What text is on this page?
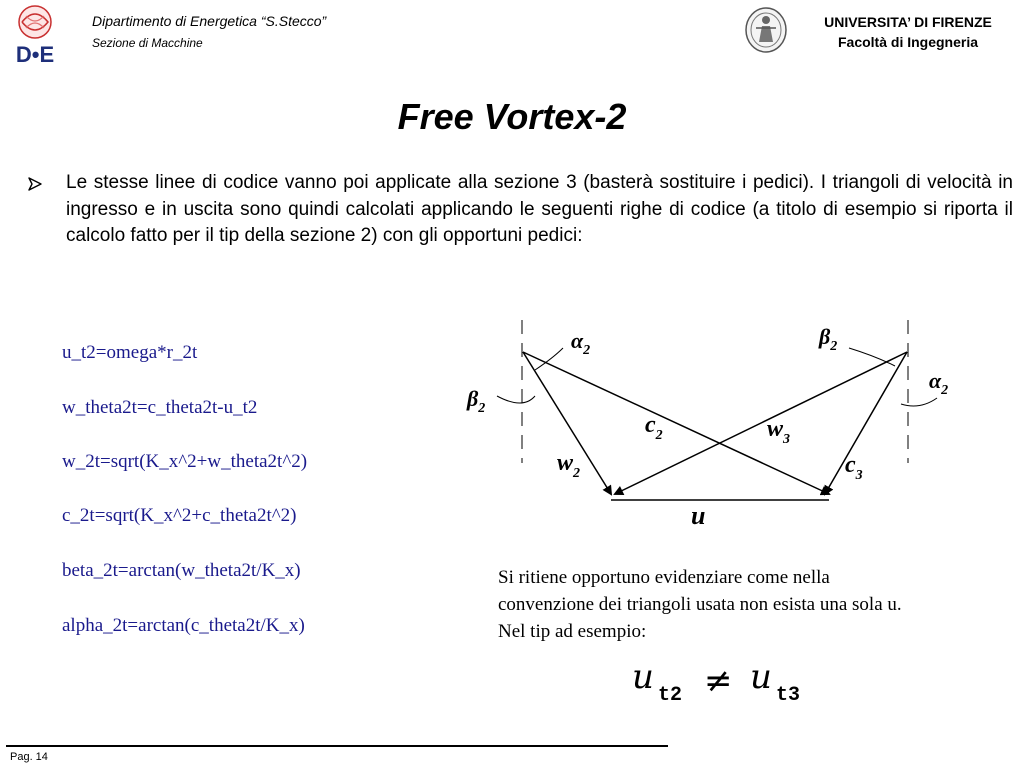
D•E
Dipartimento di Energetica “S.Stecco”
Sezione di Macchine
UNIVERSITA’ DI FIRENZE
Facoltà di Ingegneria
Free Vortex-2
Le stesse linee di codice vanno poi applicate alla sezione 3 (basterà sostituire i pedici). I triangoli di velocità in ingresso e in uscita sono quindi calcolati applicando le seguenti righe di codice (a titolo di esempio si riporta il calcolo fatto per il tip della sezione 2) con gli opportuni pedici:
u_t2=omega*r_2t
w_theta2t=c_theta2t-u_t2
w_2t=sqrt(K_x^2+w_theta2t^2)
c_2t=sqrt(K_x^2+c_theta2t^2)
beta_2t=arctan(w_theta2t/K_x)
alpha_2t=arctan(c_theta2t/K_x)
$\alpha_2$
$\beta_2$
$\beta_2$
$\alpha_2$
$c_2$	$w_3$
$w_2$	$c_3$
u
Si ritiene opportuno evidenziare come nella convenzione dei triangoli usata non esista una sola u. Nel tip ad esempio:
u t2 ≠ u t3
Pag. 14
